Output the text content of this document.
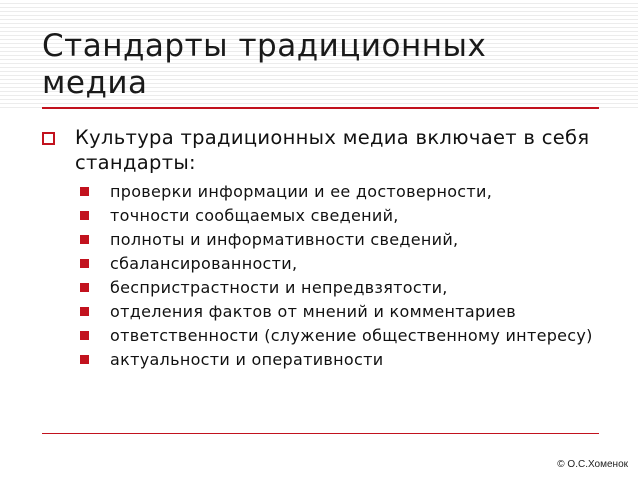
Стандарты традиционных медиа
Культура традиционных медиа включает в себя стандарты:
проверки информации и ее достоверности,
точности сообщаемых сведений,
полноты и информативности сведений,
сбалансированности,
беспристрастности и непредвзятости,
отделения фактов от мнений и комментариев
ответственности (служение общественному интересу)
актуальности и оперативности
© О.С.Хоменок
